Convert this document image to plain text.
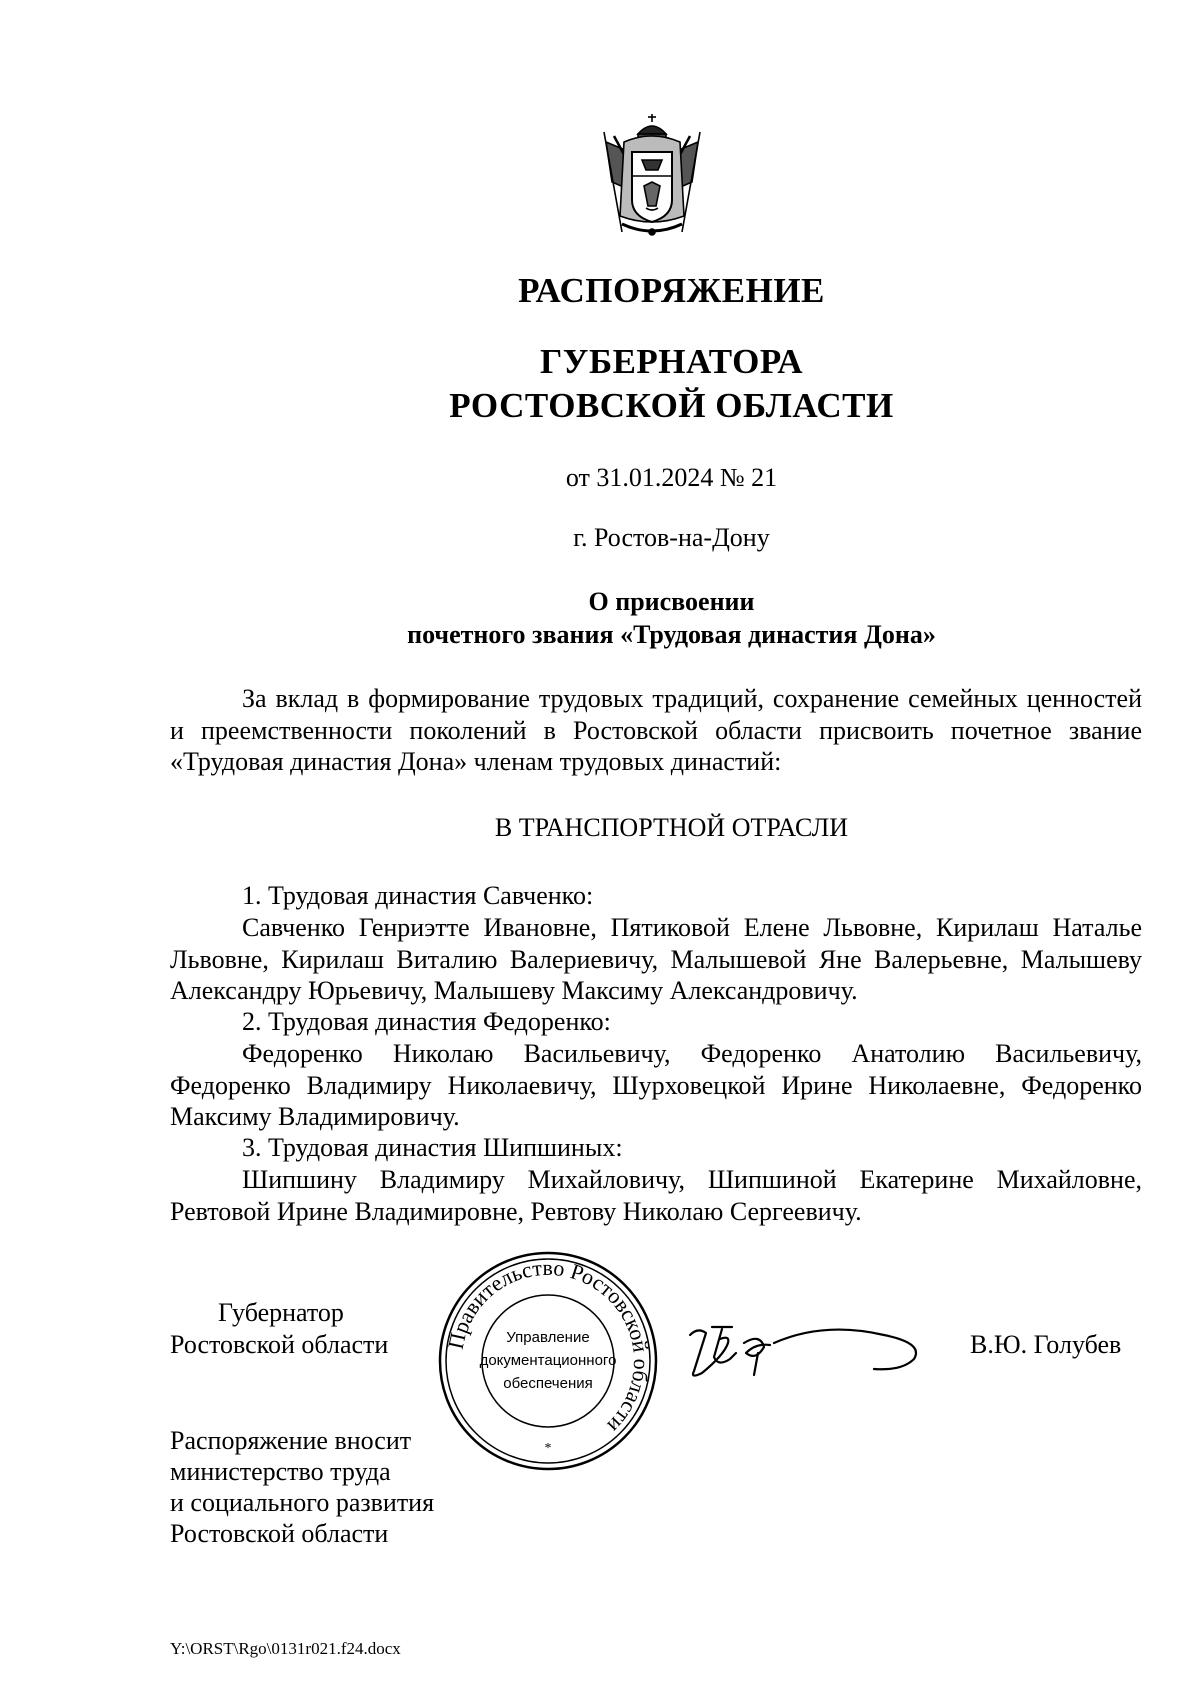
РАСПОРЯЖЕНИЕ
ГУБЕРНАТОРА
РОСТОВСКОЙ ОБЛАСТИ
от 31.01.2024 № 21
г. Ростов-на-Дону
О присвоении
почетного звания «Трудовая династия Дона»

За вклад в формирование трудовых традиций, сохранение семейных ценностей и преемственности поколений в Ростовской области присвоить почетное звание «Трудовая династия Дона» членам трудовых династий:

В ТРАНСПОРТНОЙ ОТРАСЛИ

1. Трудовая династия Савченко:

Савченко Генриэтте Ивановне, Пятиковой Елене Львовне, Кирилаш Наталье Львовне, Кирилаш Виталию Валериевичу, Малышевой Яне Валерьевне, Малышеву Александру Юрьевичу, Малышеву Максиму Александровичу.

2. Трудовая династия Федоренко:

Федоренко Николаю Васильевичу, Федоренко Анатолию Васильевичу, Федоренко Владимиру Николаевичу, Шурховецкой Ирине Николаевне, Федоренко Максиму Владимировичу.

3. Трудовая династия Шипшиных:

Шипшину Владимиру Михайловичу, Шипшиной Екатерине Михайловне, Ревтовой Ирине Владимировне, Ревтову Николаю Сергеевичу.

Губернатор
Ростовской области Правительство Ростовской области
Управление
документационного
обеспечения
*
В.Ю. Голубев
Распоряжение вносит
министерство труда
и социального развития
Ростовской области
Y:\ORST\Rgo\0131r021.f24.docx
